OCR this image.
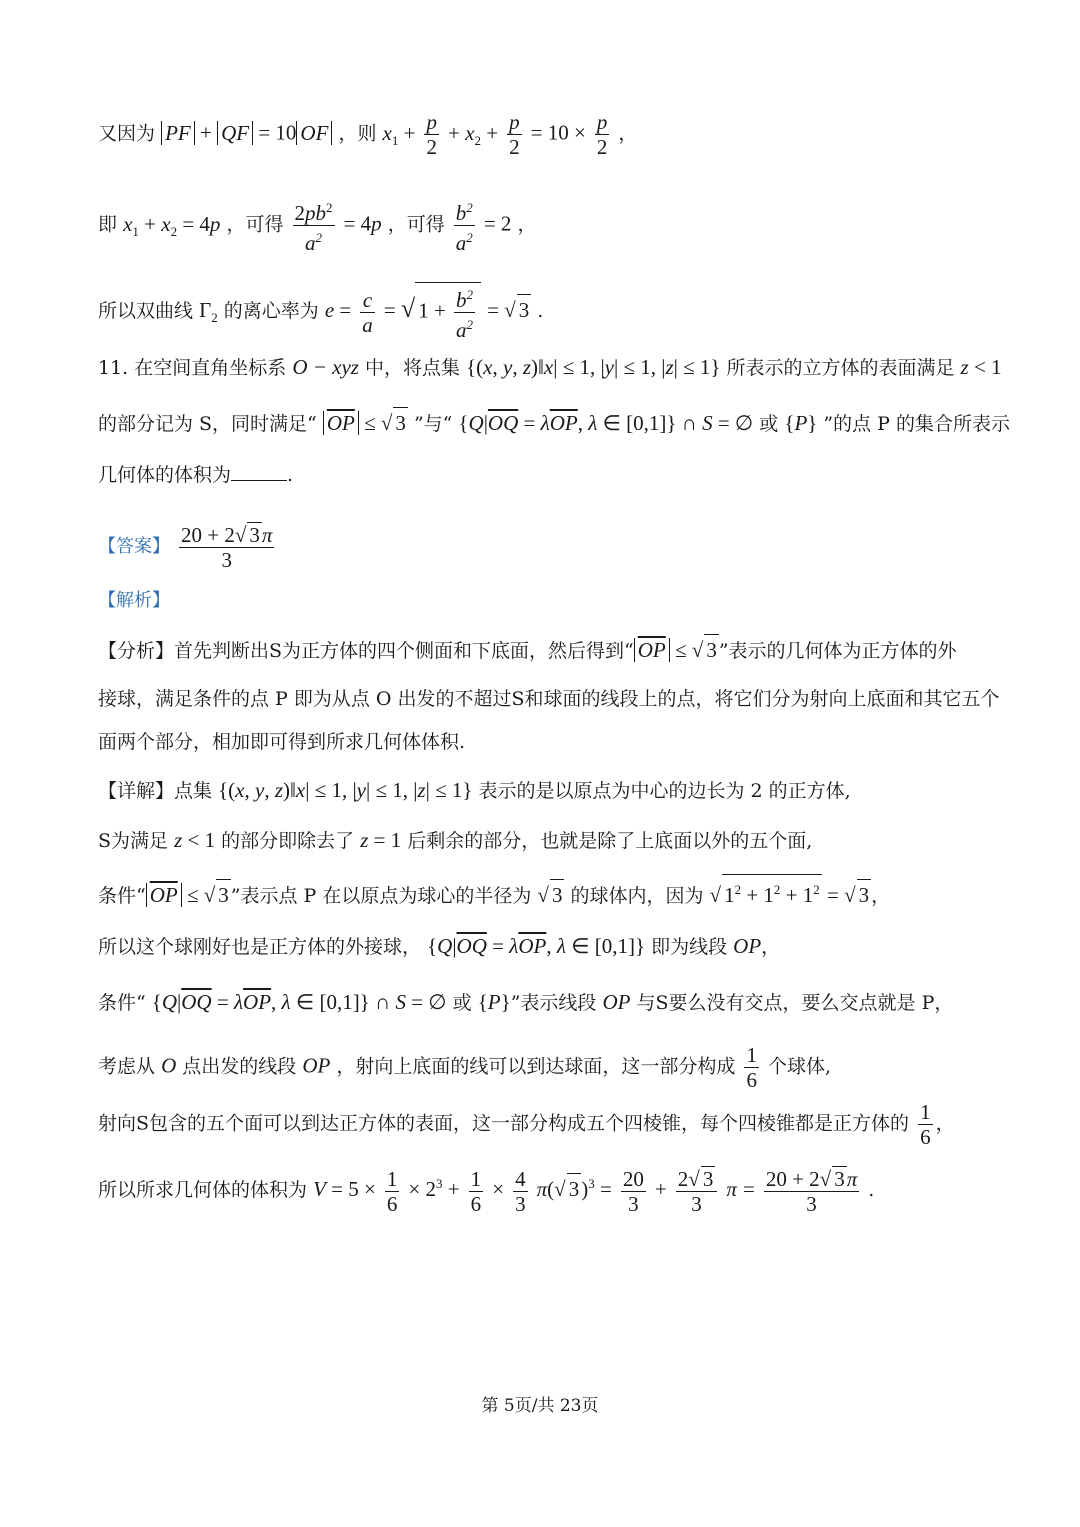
又因为 PF + QF = 10 OF ，则 $x_1 + \frac{p}{2} + x_2 + \frac{p}{2} = 10 \times \frac{p}{2}$ ，
即 $x_1 + x_2 = 4p$ ，可得 $\frac{2pb^2}{a^2} = 4p$ ，可得 $\frac{b^2}{a^2} = 2$ ，
所以双曲线 $\Gamma_2$ 的离心率为 $e = \frac{c}{a}$ = √ $1 + \frac{b^2}{a^2}$ = √ 3 .
11. 在空间直角坐标系 O − xyz 中，将点集 {(x, y, z)‖x| ≤ 1, |y| ≤ 1, |z| ≤ 1} 所表示的立方体的表面满足 z < 1
的部分记为 S，同时满足“ $\overline{OP}$ ≤ √ 3 ”与“ {$Q|\overline{OQ} = \lambda\overline{OP}$, λ ∈ [0,1]} ∩ S = ∅ 或 {P} ”的点 P 的集合所表示
几何体的体积为	.
【答案】 $\frac{20 + 2√ 3\pi}{3}$
【解析】
【分析】首先判断出S为正方体的四个侧面和下底面，然后得到“ $\overline{OP}$ ≤ √ 3 ”表示的几何体为正方体的外
接球，满足条件的点 P 即为从点 O 出发的不超过S和球面的线段上的点，将它们分为射向上底面和其它五个
面两个部分，相加即可得到所求几何体体积.
【详解】点集 {(x, y, z)‖x| ≤ 1, |y| ≤ 1, |z| ≤ 1} 表示的是以原点为中心的边长为 2 的正方体,
S为满足 z < 1 的部分即除去了 z = 1 后剩余的部分，也就是除了上底面以外的五个面,
条件“ $\overline{OP}$ ≤ √ 3 ”表示点 P 在以原点为球心的半径为 √ 3 的球体内，因为 √ $1^2 + 1^2 + 1^2$ = √ 3 ，
所以这个球刚好也是正方体的外接球， {$Q|\overline{OQ} = \lambda\overline{OP}$, λ ∈ [0,1]} 即为线段 OP，
条件“ {$Q|\overline{OQ} = \lambda\overline{OP}$, λ ∈ [0,1]} ∩ S = ∅ 或 {P}”表示线段 OP 与S要么没有交点，要么交点就是 P，
考虑从 O 点出发的线段 OP ，射向上底面的线可以到达球面，这一部分构成 $\frac{1}{6}$ 个球体,
射向S包含的五个面可以到达正方体的表面，这一部分构成五个四棱锥，每个四棱锥都是正方体的 $\frac{1}{6}$ ，
所以所求几何体的体积为 $V = 5 \times \frac{1}{6} \times 2^3 + \frac{1}{6} \times \frac{4}{3} \pi(√$ $3)^3 = \frac{20}{3} + \frac{2√ 3}{3}$ $\pi = \frac{20 + 2√ 3\pi}{3}$ .
第 5页/共 23页
